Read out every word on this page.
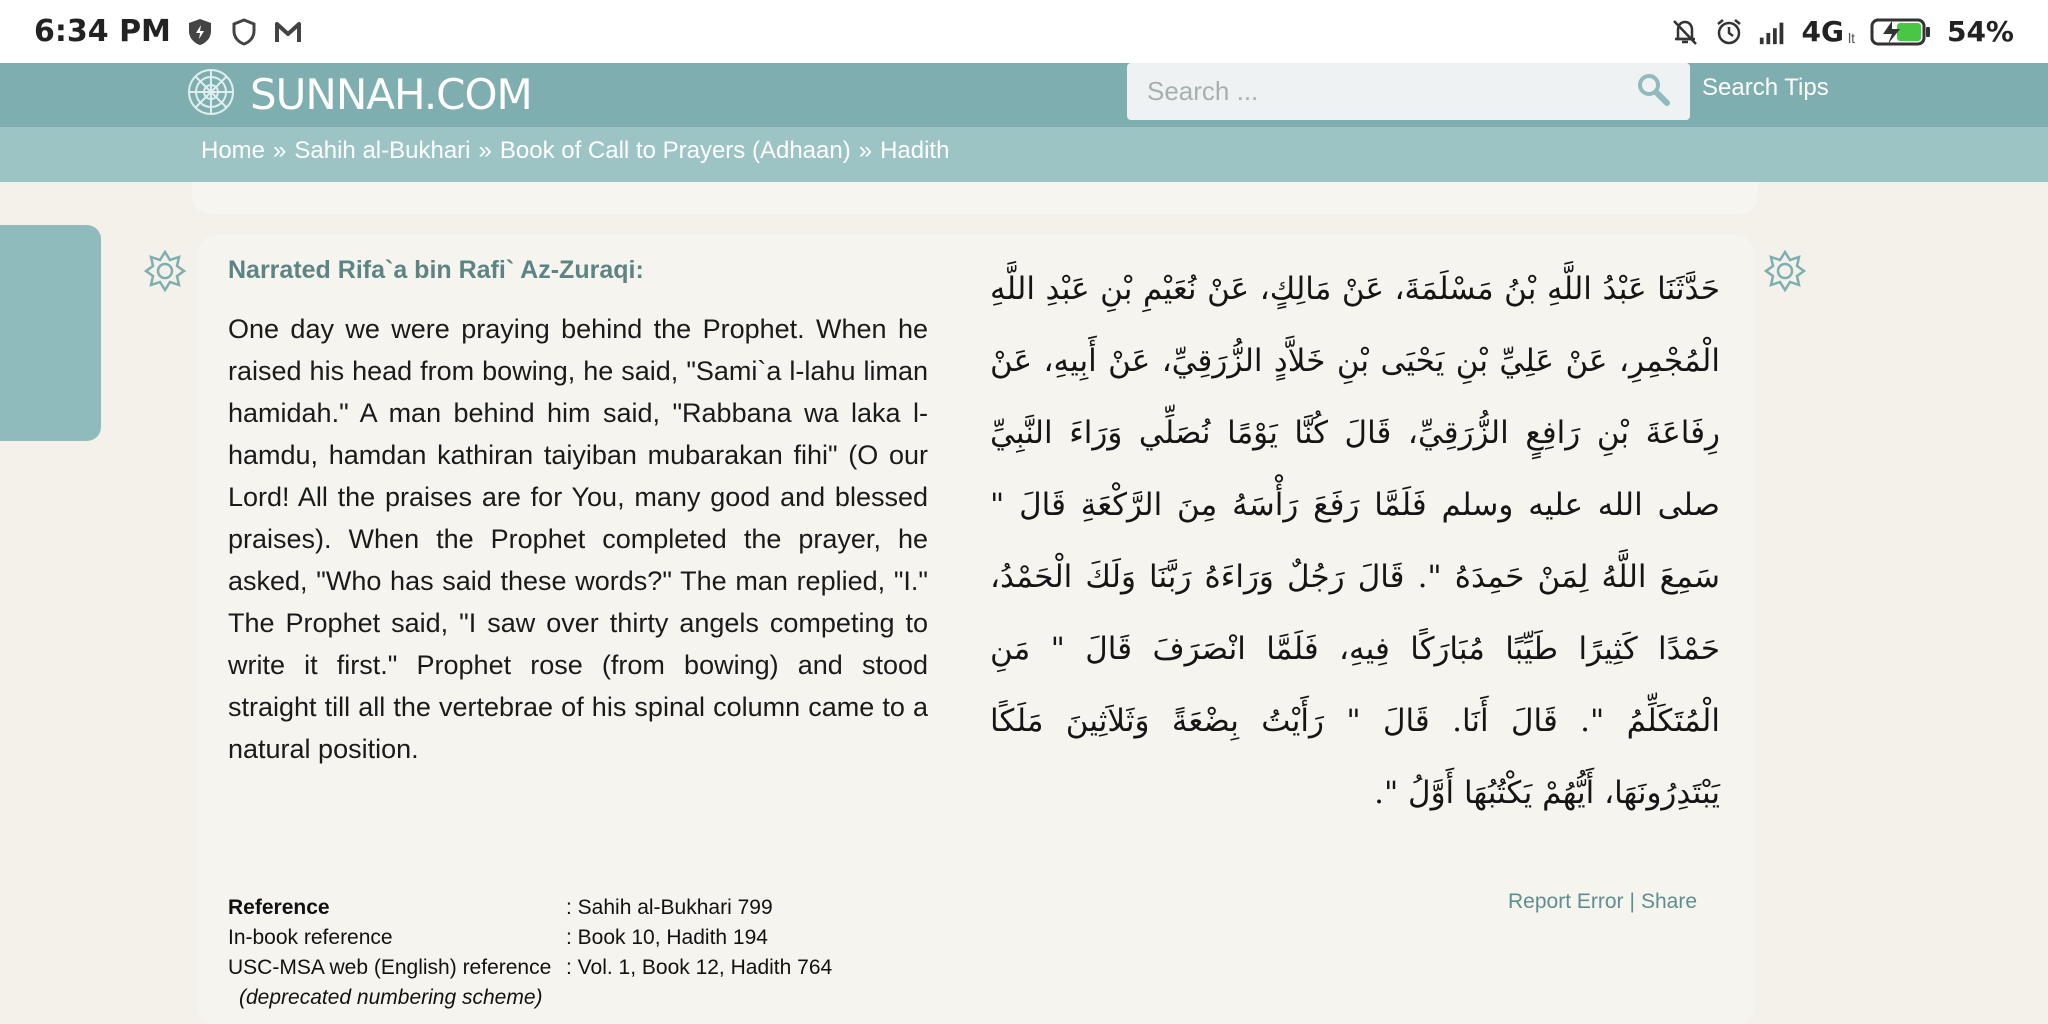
6:34 PM	4G lt	54%
SUNNAH.COM
Search ...	Search Tips
Home » Sahih al-Bukhari » Book of Call to Prayers (Adhaan) » Hadith
Narrated Rifa`a bin Rafi` Az-Zuraqi:
One day we were praying behind the Prophet. When he raised his head from bowing, he said, "Sami`a l-lahu liman hamidah." A man behind him said, "Rabbana wa laka l-hamdu, hamdan kathiran taiyiban mubarakan fihi" (O our Lord! All the praises are for You, many good and blessed praises). When the Prophet completed the prayer, he asked, "Who has said these words?" The man replied, "I." The Prophet said, "I saw over thirty angels competing to write it first." Prophet rose (from bowing) and stood straight till all the vertebrae of his spinal column came to a natural position.
حَدَّثَنَا عَبْدُ اللَّهِ بْنُ مَسْلَمَةَ، عَنْ مَالِكٍ، عَنْ نُعَيْمِ بْنِ عَبْدِ اللَّهِ الْمُجْمِرِ، عَنْ عَلِيِّ بْنِ يَحْيَى بْنِ خَلاَّدٍ الزُّرَقِيِّ، عَنْ أَبِيهِ، عَنْ رِفَاعَةَ بْنِ رَافِعٍ الزُّرَقِيِّ، قَالَ كُنَّا يَوْمًا نُصَلِّي وَرَاءَ النَّبِيِّ صلى الله عليه وسلم فَلَمَّا رَفَعَ رَأْسَهُ مِنَ الرَّكْعَةِ قَالَ " سَمِعَ اللَّهُ لِمَنْ حَمِدَهُ ". قَالَ رَجُلٌ وَرَاءَهُ رَبَّنَا وَلَكَ الْحَمْدُ، حَمْدًا كَثِيرًا طَيِّبًا مُبَارَكًا فِيهِ، فَلَمَّا انْصَرَفَ قَالَ " مَنِ الْمُتَكَلِّمُ ". قَالَ أَنَا. قَالَ " رَأَيْتُ بِضْعَةً وَثَلاَثِينَ مَلَكًا يَبْتَدِرُونَهَا، أَيُّهُمْ يَكْتُبُهَا أَوَّلُ ".
Report Error | Share
Reference	: Sahih al-Bukhari 799
In-book reference	: Book 10, Hadith 194
USC-MSA web (English) reference : Vol. 1, Book 12, Hadith 764
(deprecated numbering scheme)
